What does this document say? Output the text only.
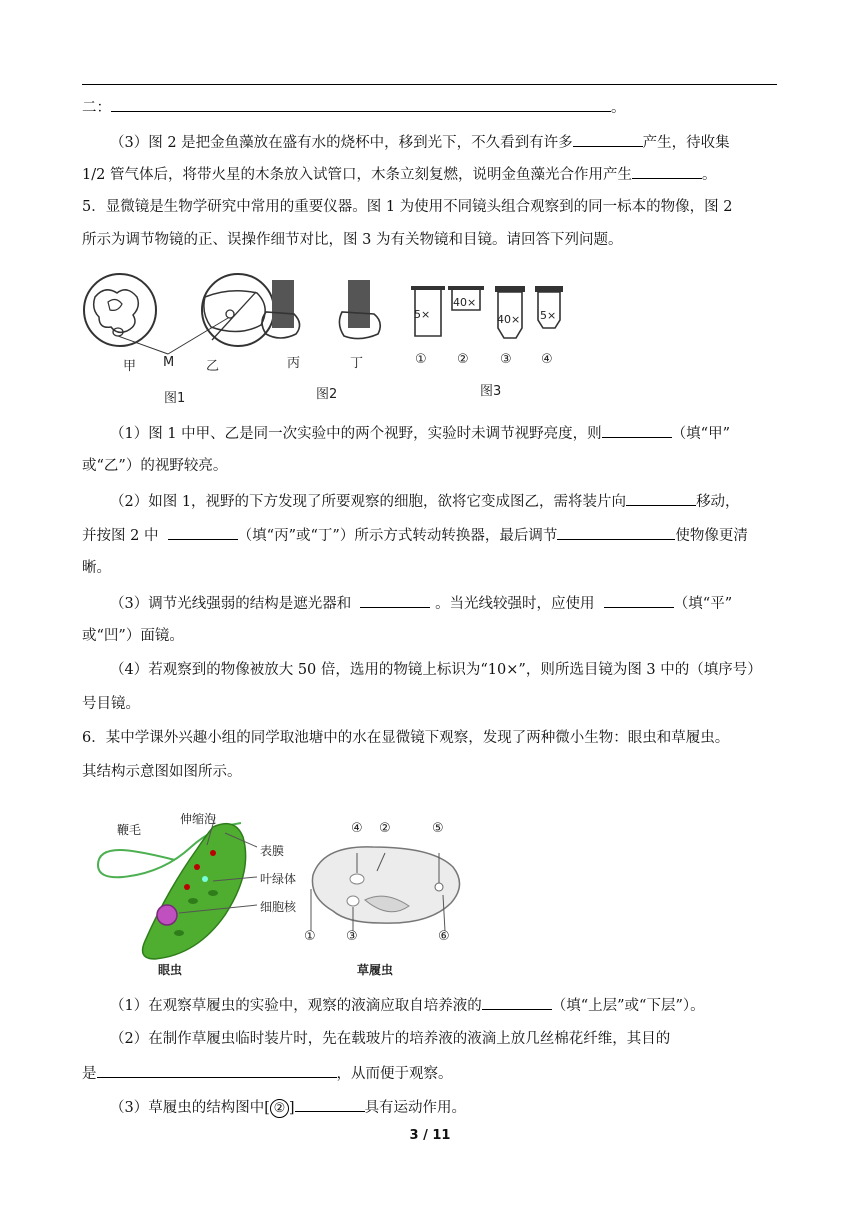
二：	。
（3）图 2 是把金鱼藻放在盛有水的烧杯中，移到光下，不久看到有许多	产生，待收集
1/2 管气体后，将带火星的木条放入试管口，木条立刻复燃，说明金鱼藻光合作用产生	。
5．显微镜是生物学研究中常用的重要仪器。图 1 为使用不同镜头组合观察到的同一标本的物像，图 2
所示为调节物镜的正、误操作细节对比，图 3 为有关物镜和目镜。请回答下列问题。
5×
40×
40× 5×
甲 M 乙	丙	丁	① ② ③ ④
图1	图2	图3
（1）图 1 中甲、乙是同一次实验中的两个视野，实验时未调节视野亮度，则	（填“甲”
或“乙”）的视野较亮。
（2）如图 1，视野的下方发现了所要观察的细胞，欲将它变成图乙，需将装片向	移动，
并按图 2 中	（填“丙”或“丁”）所示方式转动转换器，最后调节	使物像更清
晰。
（3）调节光线强弱的结构是遮光器和	。当光线较强时，应使用	（填“平”
或“凹”）面镜。
（4）若观察到的物像被放大 50 倍，选用的物镜上标识为“10×”，则所选目镜为图 3 中的（填序号）
号目镜。
6．某中学课外兴趣小组的同学取池塘中的水在显微镜下观察，发现了两种微小生物：眼虫和草履虫。
其结构示意图如图所示。
鞭毛
伸缩泡
表膜
叶绿体
细胞核
④ ②	⑤
① ③	⑥
眼虫	草履虫
（1）在观察草履虫的实验中，观察的液滴应取自培养液的	（填“上层”或“下层”）。
（2）在制作草履虫临时装片时，先在载玻片的培养液的液滴上放几丝棉花纤维，其目的
是	，从而便于观察。
（3）草履虫的结构图中[ ② ]	具有运动作用。
3 / 11
